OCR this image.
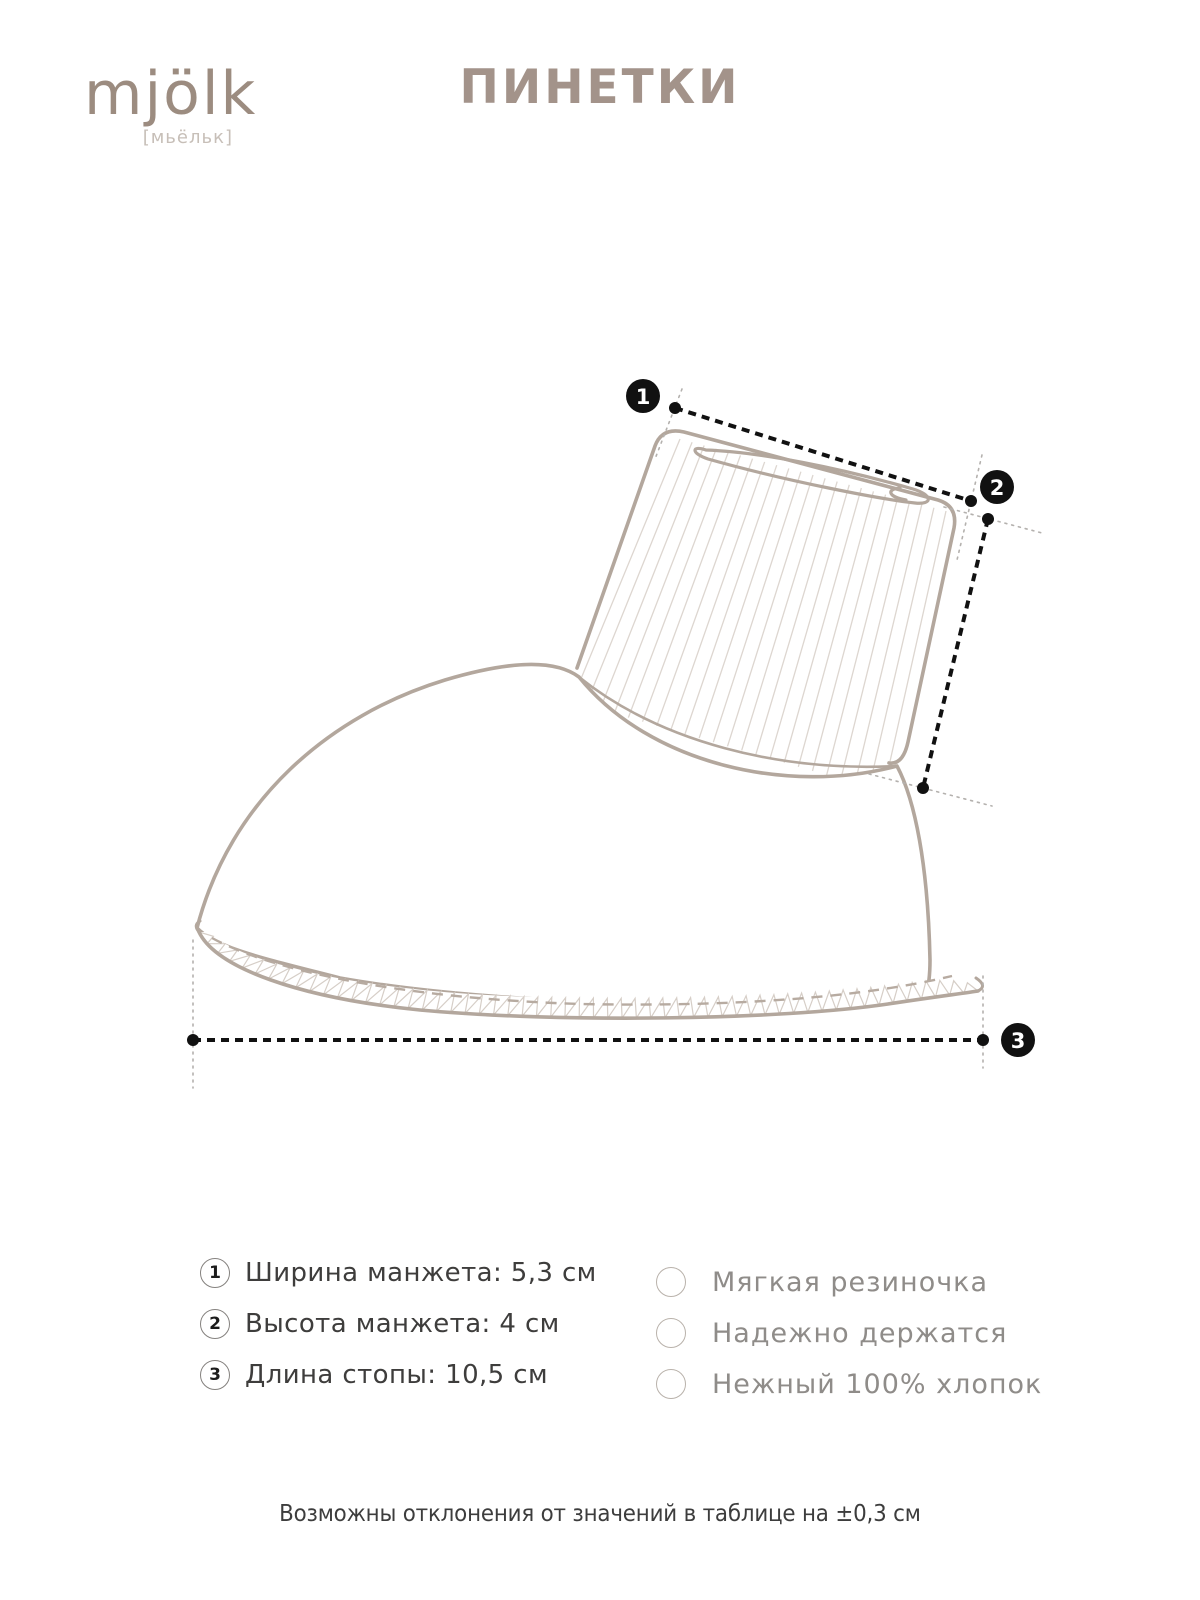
mjölk
[мьёльк]
ПИНЕТКИ
1
2
3
1 Ширина манжета: 5,3 см
2 Высота манжета: 4 см
3 Длина стопы: 10,5 см
Мягкая резиночка
Надежно держатся
Нежный 100% хлопок
Возможны отклонения от значений в таблице на ±0,3 см
